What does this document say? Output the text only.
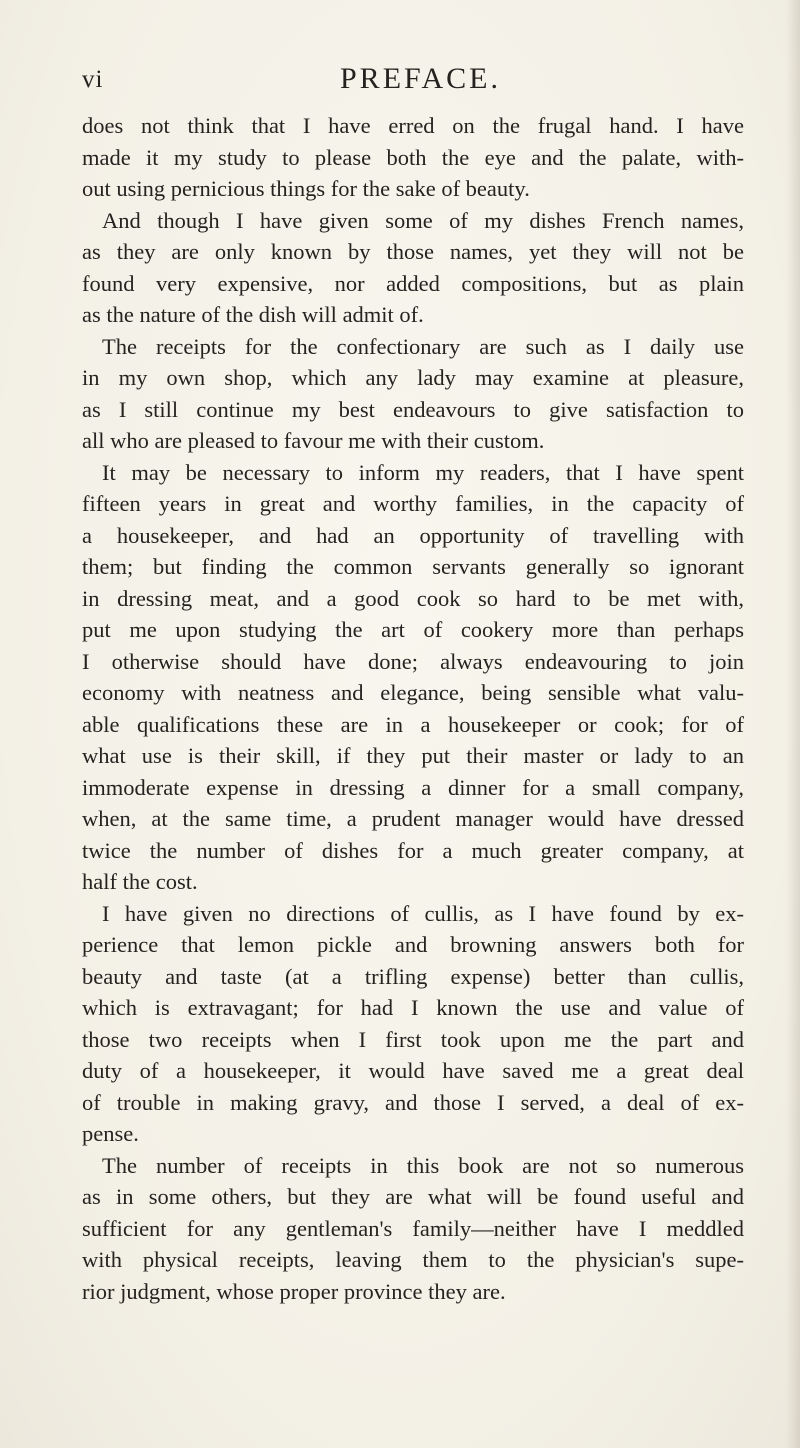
vi	PREFACE.
does not think that I have erred on the frugal hand. I have
made it my study to please both the eye and the palate, with-
out using pernicious things for the sake of beauty.
And though I have given some of my dishes French names,
as they are only known by those names, yet they will not be
found very expensive, nor added compositions, but as plain
as the nature of the dish will admit of.
The receipts for the confectionary are such as I daily use
in my own shop, which any lady may examine at pleasure,
as I still continue my best endeavours to give satisfaction to
all who are pleased to favour me with their custom.
It may be necessary to inform my readers, that I have spent
fifteen years in great and worthy families, in the capacity of
a housekeeper, and had an opportunity of travelling with
them; but finding the common servants generally so ignorant
in dressing meat, and a good cook so hard to be met with,
put me upon studying the art of cookery more than perhaps
I otherwise should have done; always endeavouring to join
economy with neatness and elegance, being sensible what valu-
able qualifications these are in a housekeeper or cook; for of
what use is their skill, if they put their master or lady to an
immoderate expense in dressing a dinner for a small company,
when, at the same time, a prudent manager would have dressed
twice the number of dishes for a much greater company, at
half the cost.
I have given no directions of cullis, as I have found by ex-
perience that lemon pickle and browning answers both for
beauty and taste (at a trifling expense) better than cullis,
which is extravagant; for had I known the use and value of
those two receipts when I first took upon me the part and
duty of a housekeeper, it would have saved me a great deal
of trouble in making gravy, and those I served, a deal of ex-
pense.
The number of receipts in this book are not so numerous
as in some others, but they are what will be found useful and
sufficient for any gentleman's family—neither have I meddled
with physical receipts, leaving them to the physician's supe-
rior judgment, whose proper province they are.
